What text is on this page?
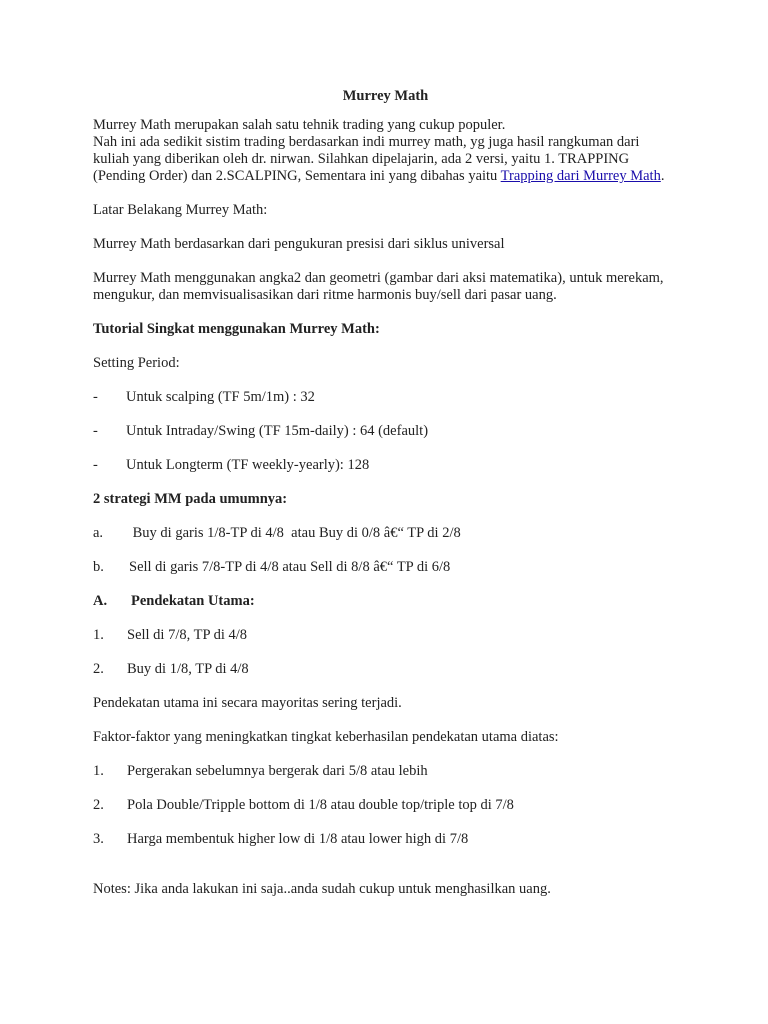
Murrey Math

Murrey Math merupakan salah satu tehnik trading yang cukup populer.

Nah ini ada sedikit sistim trading berdasarkan indi murrey math, yg juga hasil rangkuman dari kuliah yang diberikan oleh dr. nirwan. Silahkan dipelajarin, ada 2 versi, yaitu 1. TRAPPING (Pending Order) dan 2.SCALPING, Sementara ini yang dibahas yaitu Trapping dari Murrey Math.

Latar Belakang Murrey Math:

Murrey Math berdasarkan dari pengukuran presisi dari siklus universal

Murrey Math menggunakan angka2 dan geometri (gambar dari aksi matematika), untuk merekam, mengukur, dan memvisualisasikan dari ritme harmonis buy/sell dari pasar uang.

Tutorial Singkat menggunakan Murrey Math:

Setting Period:

-	Untuk scalping (TF 5m/1m) : 32
-	Untuk Intraday/Swing (TF 15m-daily) : 64 (default)
-	Untuk Longterm (TF weekly-yearly): 128

2 strategi MM pada umumnya:

a.	Buy di garis 1/8-TP di 4/8  atau Buy di 0/8 â€“ TP di 2/8
b.	Sell di garis 7/8-TP di 4/8 atau Sell di 8/8 â€“ TP di 6/8
A.	Pendekatan Utama:
1.	Sell di 7/8, TP di 4/8
2.	Buy di 1/8, TP di 4/8

Pendekatan utama ini secara mayoritas sering terjadi.

Faktor-faktor yang meningkatkan tingkat keberhasilan pendekatan utama diatas:

1.	Pergerakan sebelumnya bergerak dari 5/8 atau lebih
2.	Pola Double/Tripple bottom di 1/8 atau double top/triple top di 7/8
3.	Harga membentuk higher low di 1/8 atau lower high di 7/8

Notes: Jika anda lakukan ini saja..anda sudah cukup untuk menghasilkan uang.
